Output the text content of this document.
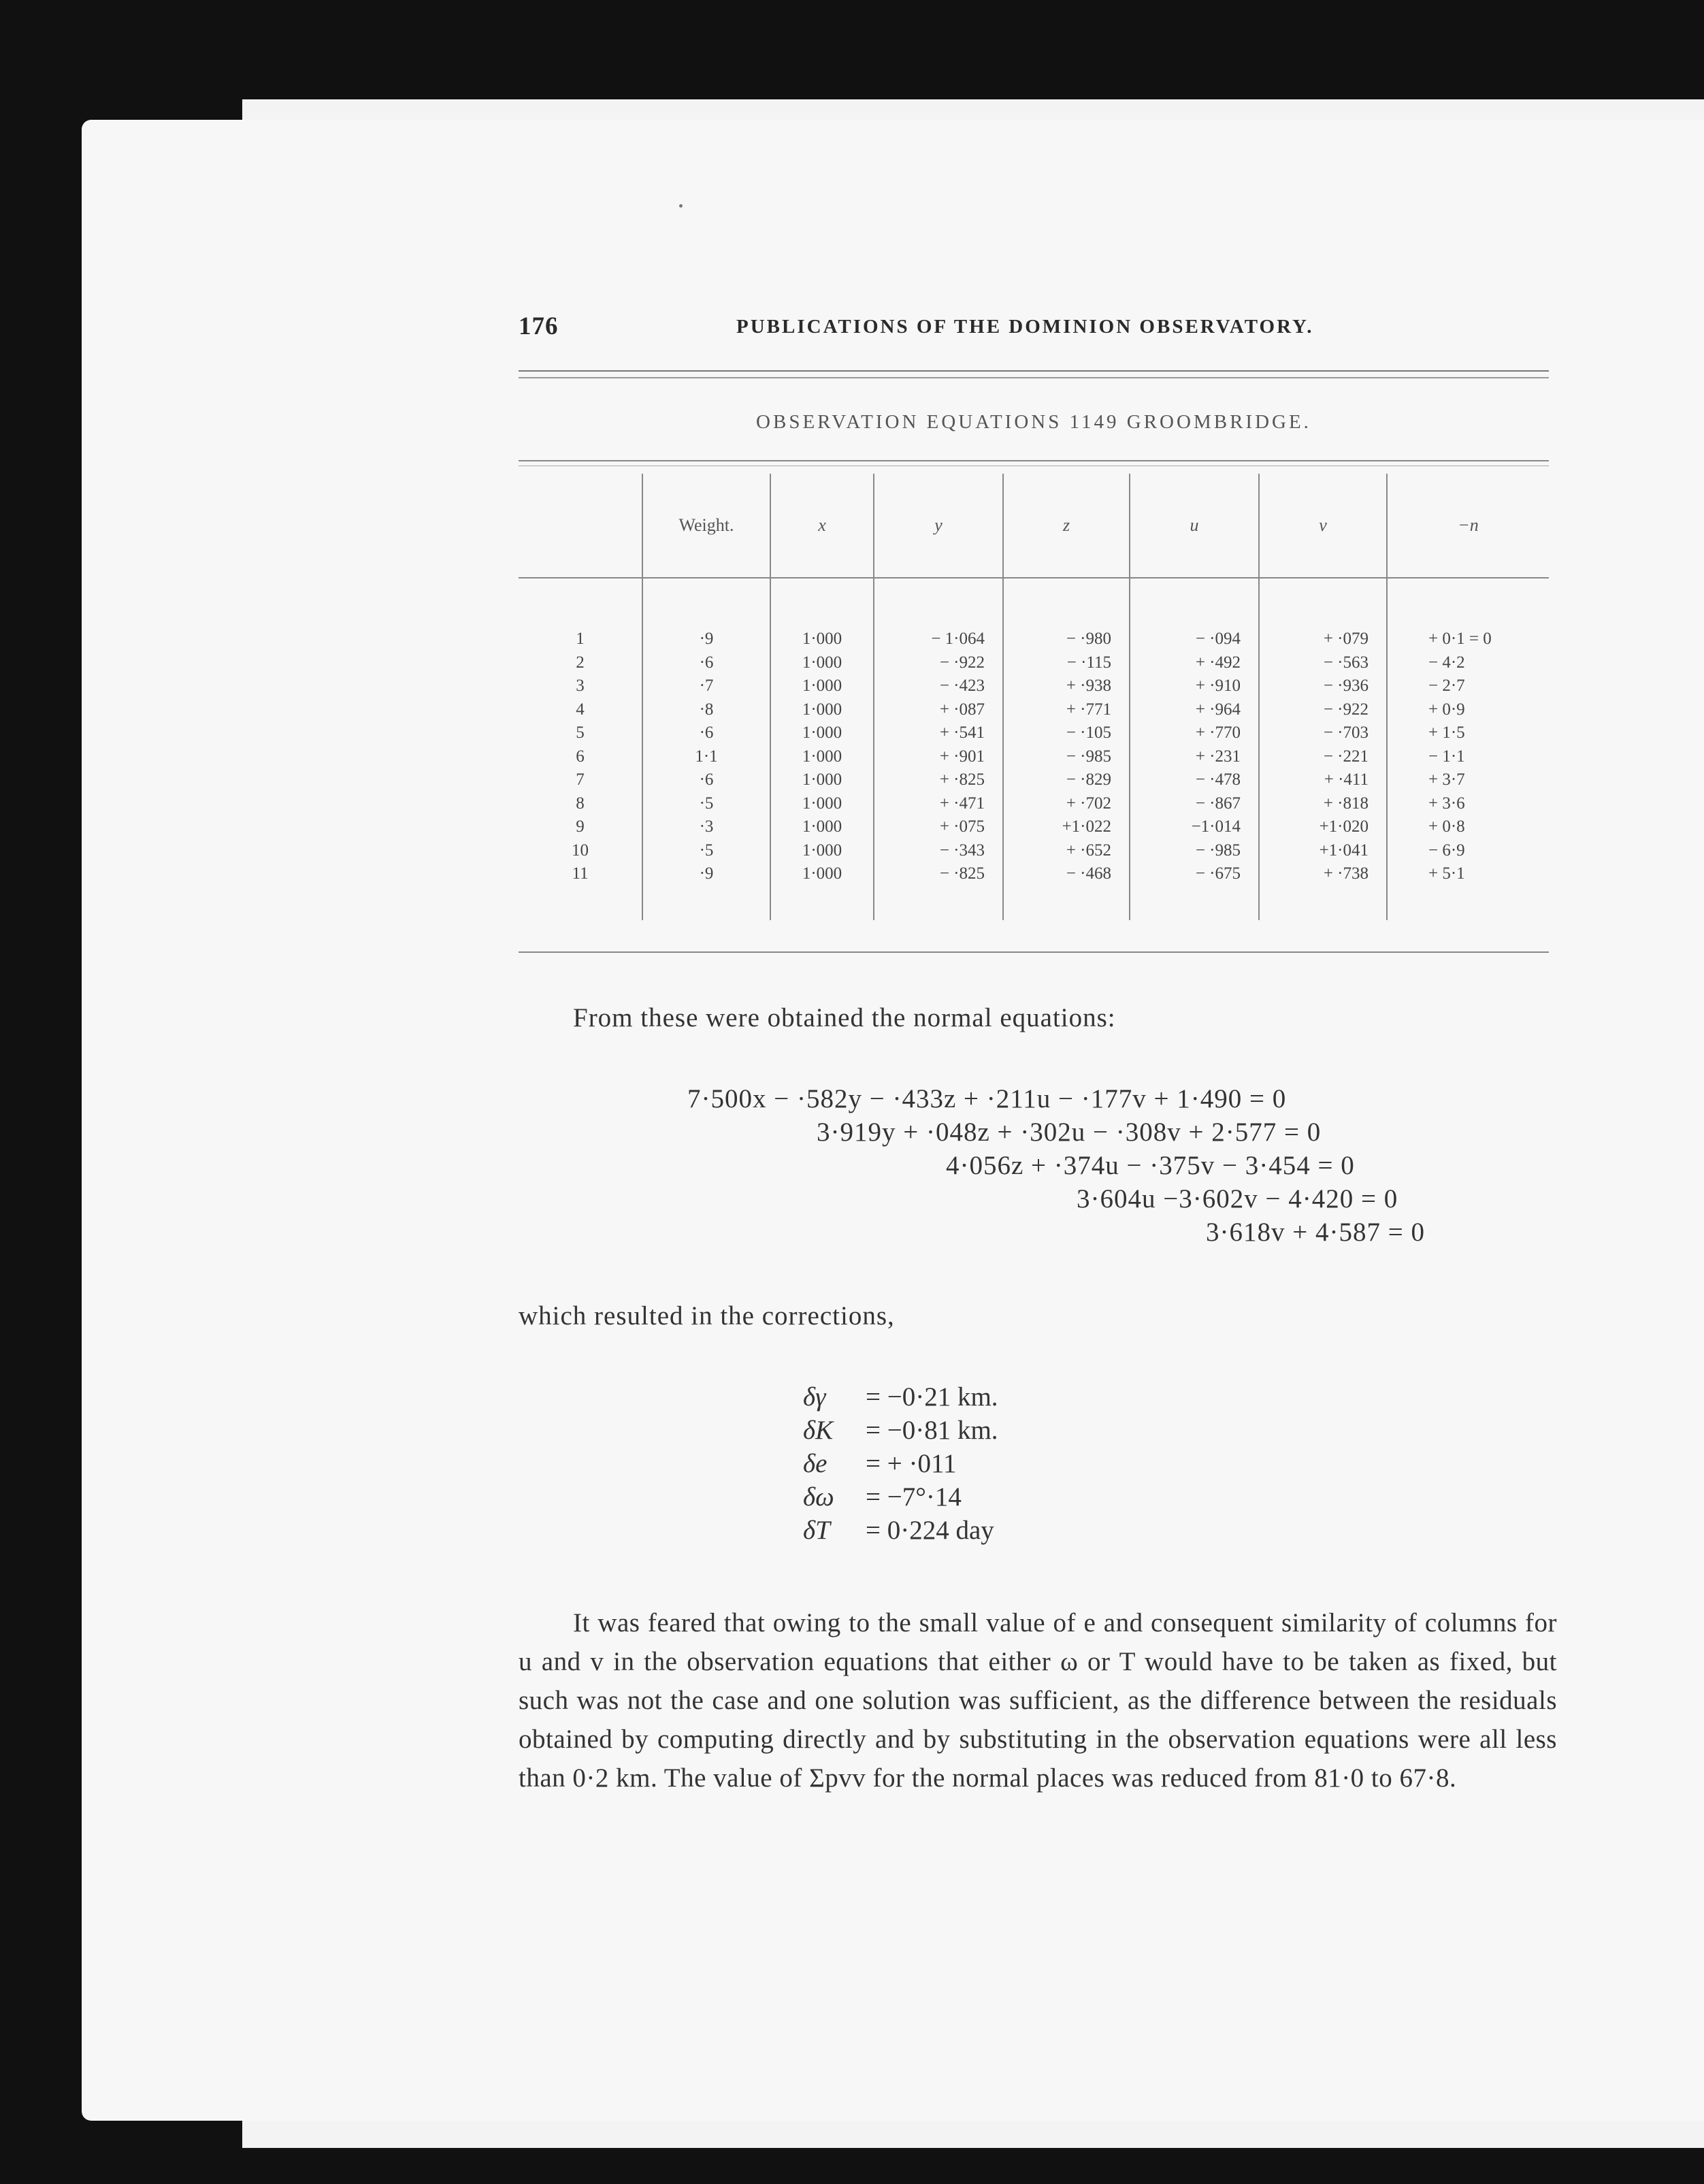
176	PUBLICATIONS OF THE DOMINION OBSERVATORY.
OBSERVATION EQUATIONS 1149 GROOMBRIDGE.
	Weight.	x	y	z	u	v	−n

1	·9	1·000	− 1·064	− ·980	− ·094	+ ·079	+ 0·1 = 0
2	·6	1·000	− ·922	− ·115	+ ·492	− ·563	− 4·2
3	·7	1·000	− ·423	+ ·938	+ ·910	− ·936	− 2·7
4	·8	1·000	+ ·087	+ ·771	+ ·964	− ·922	+ 0·9
5	·6	1·000	+ ·541	− ·105	+ ·770	− ·703	+ 1·5
6	1·1	1·000	+ ·901	− ·985	+ ·231	− ·221	− 1·1
7	·6	1·000	+ ·825	− ·829	− ·478	+ ·411	+ 3·7
8	·5	1·000	+ ·471	+ ·702	− ·867	+ ·818	+ 3·6
9	·3	1·000	+ ·075	+1·022	−1·014	+1·020	+ 0·8
10	·5	1·000	− ·343	+ ·652	− ·985	+1·041	− 6·9
11	·9	1·000	− ·825	− ·468	− ·675	+ ·738	+ 5·1

From these were obtained the normal equations:
7·500x − ·582y − ·433z + ·211u − ·177v + 1·490 = 0
3·919y + ·048z + ·302u − ·308v + 2·577 = 0
4·056z + ·374u − ·375v − 3·454 = 0
3·604u −3·602v − 4·420 = 0
3·618v + 4·587 = 0
which resulted in the corrections,
δγ	= −0·21 km.
δK	= −0·81 km.
δe	= + ·011
δω	= −7°·14
δT	= 0·224 day
It was feared that owing to the small value of e and consequent similarity of columns for u and v in the observation equations that either ω or T would have to be taken as fixed, but such was not the case and one solution was sufficient, as the difference between the residuals obtained by computing directly and by substituting in the observation equations were all less than 0·2 km. The value of Σpvv for the normal places was reduced from 81·0 to 67·8.
